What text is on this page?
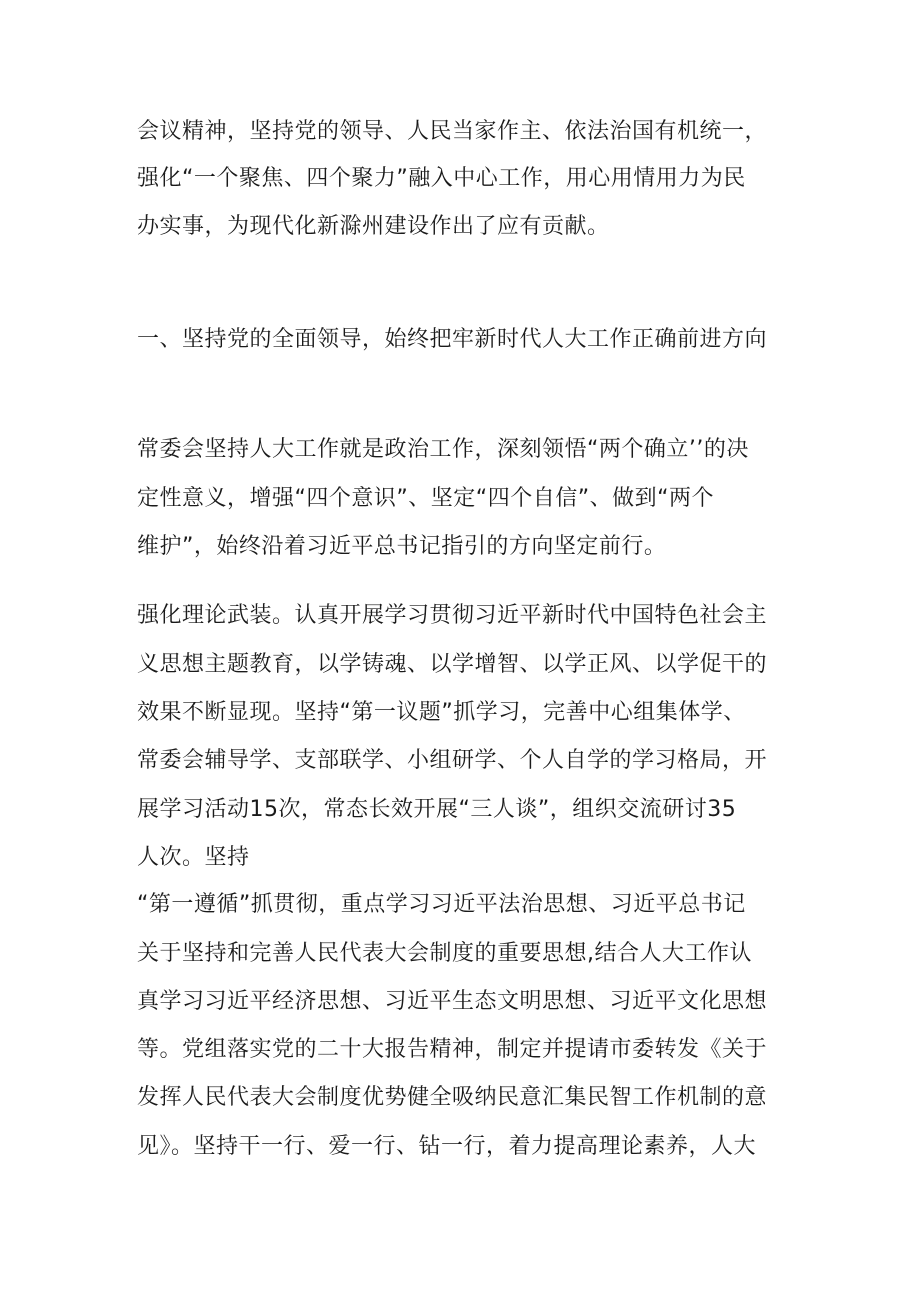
会议精神，坚持党的领导、人民当家作主、依法治国有机统一，
强化“一个聚焦、四个聚力”融入中心工作，用心用情用力为民
办实事，为现代化新滁州建设作出了应有贡献。
一、坚持党的全面领导，始终把牢新时代人大工作正确前进方向
常委会坚持人大工作就是政治工作，深刻领悟“两个确立’’的决
定性意义，增强“四个意识”、坚定“四个自信”、做到“两个
维护”，始终沿着习近平总书记指引的方向坚定前行。
强化理论武装。认真开展学习贯彻习近平新时代中国特色社会主
义思想主题教育，以学铸魂、以学增智、以学正风、以学促干的
效果不断显现。坚持“第一议题”抓学习，完善中心组集体学、
常委会辅导学、支部联学、小组研学、个人自学的学习格局，开
展学习活动15次，常态长效开展“三人谈”，组织交流研讨35
人次。坚持
“第一遵循”抓贯彻，重点学习习近平法治思想、习近平总书记
关于坚持和完善人民代表大会制度的重要思想,结合人大工作认
真学习习近平经济思想、习近平生态文明思想、习近平文化思想
等。党组落实党的二十大报告精神，制定并提请市委转发《关于
发挥人民代表大会制度优势健全吸纳民意汇集民智工作机制的意
见》。坚持干一行、爱一行、钻一行，着力提高理论素养，人大
